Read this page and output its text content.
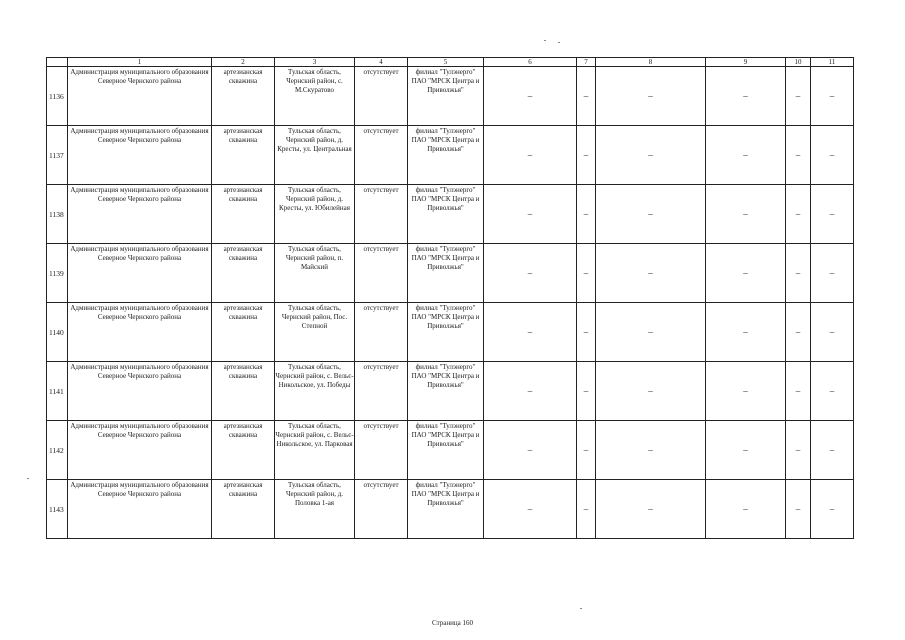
	1	2	3	4	5	6	7	8	9	10	11
1136	Администрация муниципального образования Северное Чернского района	артезианская скважина	Тульская область, Чернский район, с. М.Скуратово	отсутствует	филиал "Тулэнерго" ПАО "МРСК Центра и Приволжья"	–	–	–	–	–	–
1137	Администрация муниципального образования Северное Чернского района	артезианская скважина	Тульская область, Чернский район, д. Кресты, ул. Центральная	отсутствует	филиал "Тулэнерго" ПАО "МРСК Центра и Приволжья"	–	–	–	–	–	–
1138	Администрация муниципального образования Северное Чернского района	артезианская скважина	Тульская область, Чернский район, д. Кресты, ул. Юбилейная	отсутствует	филиал "Тулэнерго" ПАО "МРСК Центра и Приволжья"	–	–	–	–	–	–
1139	Администрация муниципального образования Северное Чернского района	артезианская скважина	Тульская область, Чернский район, п. Майский	отсутствует	филиал "Тулэнерго" ПАО "МРСК Центра и Приволжья"	–	–	–	–	–	–
1140	Администрация муниципального образования Северное Чернского района	артезианская скважина	Тульская область, Чернский район, Пос. Степной	отсутствует	филиал "Тулэнерго" ПАО "МРСК Центра и Приволжья"	–	–	–	–	–	–
1141	Администрация муниципального образования Северное Чернского района	артезианская скважина	Тульская область, Чернский район, с. Вельє-Никольское, ул. Победы	отсутствует	филиал "Тулэнерго" ПАО "МРСК Центра и Приволжья"	–	–	–	–	–	–
1142	Администрация муниципального образования Северное Чернского района	артезианская скважина	Тульская область, Чернский район, с. Вельє-Никольское, ул. Парковая	отсутствует	филиал "Тулэнерго" ПАО "МРСК Центра и Приволжья"	–	–	–	–	–	–
1143	Администрация муниципального образования Северное Чернского района	артезианская скважина	Тульская область, Чернский район, д. Половка 1-ая	отсутствует	филиал "Тулэнерго" ПАО "МРСК Центра и Приволжья"	–	–	–	–	–	–
Страница 160
